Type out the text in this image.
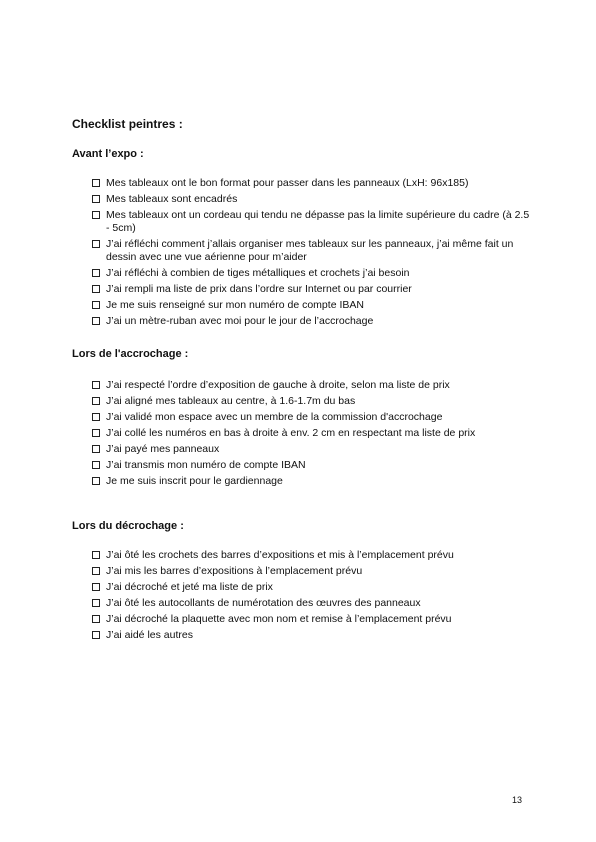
Checklist peintres :
Avant l’expo :
Mes tableaux ont le bon format pour passer dans les panneaux (LxH: 96x185)
Mes tableaux sont encadrés
Mes tableaux ont un cordeau qui tendu ne dépasse pas la limite supérieure du cadre (à 2.5 - 5cm)
J’ai réfléchi comment j’allais organiser mes tableaux sur les panneaux, j’ai même fait un dessin avec une vue aérienne pour m’aider
J’ai réfléchi à combien de tiges métalliques et crochets j’ai besoin
J’ai rempli ma liste de prix dans l’ordre sur Internet ou par courrier
Je me suis renseigné sur mon numéro de compte IBAN
J’ai un mètre-ruban avec moi pour le jour de l’accrochage
Lors de l'accrochage :
J’ai respecté l’ordre d’exposition de gauche à droite, selon ma liste de prix
J’ai aligné mes tableaux au centre, à 1.6-1.7m du bas
J’ai validé mon espace avec un membre de la commission d'accrochage
J’ai collé les numéros en bas à droite à env. 2 cm en respectant ma liste de prix
J’ai payé mes panneaux
J’ai transmis mon numéro de compte IBAN
Je me suis inscrit pour le gardiennage
Lors du décrochage :
J’ai ôté les crochets des barres d’expositions et mis à l’emplacement prévu
J’ai mis les barres d’expositions à l’emplacement prévu
J’ai décroché et jeté ma liste de prix
J’ai ôté les autocollants de numérotation des œuvres des panneaux
J’ai décroché la plaquette avec mon nom et remise à l’emplacement prévu
J’ai aidé les autres
13
